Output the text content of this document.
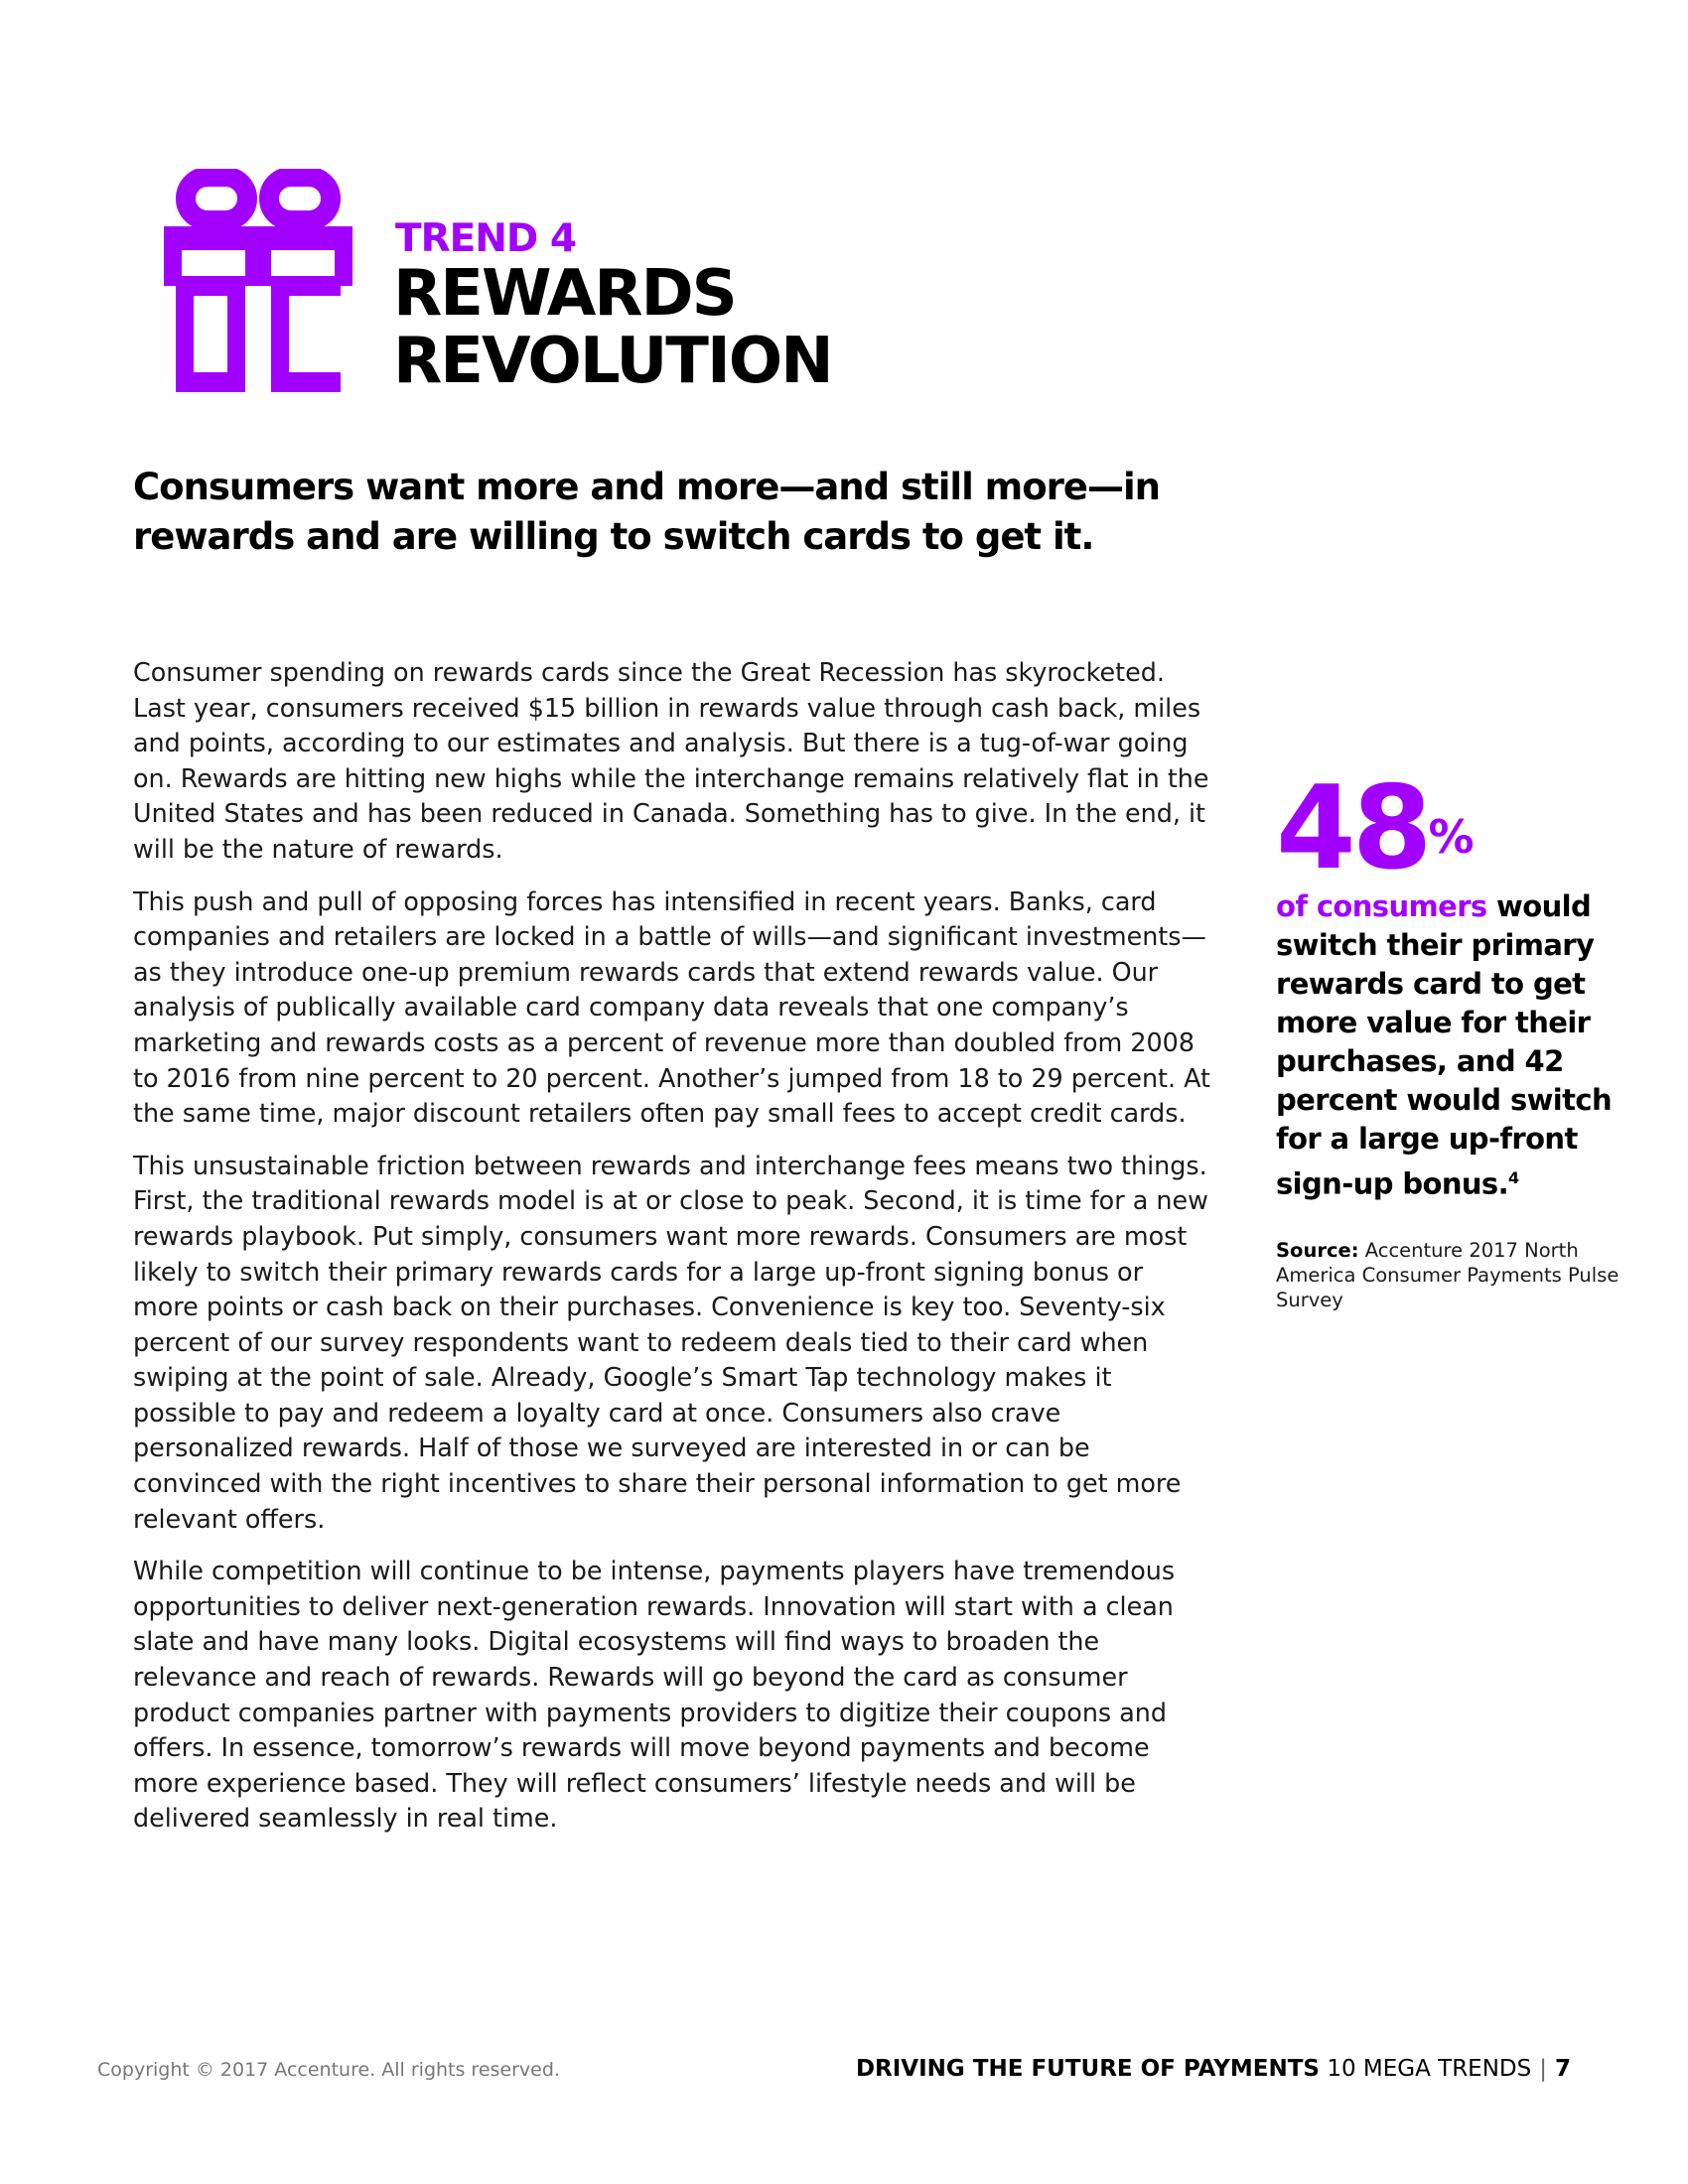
TREND 4
REWARDS
REVOLUTION
Consumers want more and more—and still more—in rewards and are willing to switch cards to get it.

Consumer spending on rewards cards since the Great Recession has skyrocketed. Last year, consumers received $15 billion in rewards value through cash back, miles and points, according to our estimates and analysis. But there is a tug-of-war going on. Rewards are hitting new highs while the interchange remains relatively flat in the United States and has been reduced in Canada. Something has to give. In the end, it will be the nature of rewards.

This push and pull of opposing forces has intensified in recent years. Banks, card companies and retailers are locked in a battle of wills—and significant investments—as they introduce one-up premium rewards cards that extend rewards value. Our analysis of publically available card company data reveals that one company’s marketing and rewards costs as a percent of revenue more than doubled from 2008 to 2016 from nine percent to 20 percent. Another’s jumped from 18 to 29 percent. At the same time, major discount retailers often pay small fees to accept credit cards.

This unsustainable friction between rewards and interchange fees means two things. First, the traditional rewards model is at or close to peak. Second, it is time for a new rewards playbook. Put simply, consumers want more rewards. Consumers are most likely to switch their primary rewards cards for a large up-front signing bonus or more points or cash back on their purchases. Convenience is key too. Seventy-six percent of our survey respondents want to redeem deals tied to their card when swiping at the point of sale. Already, Google’s Smart Tap technology makes it possible to pay and redeem a loyalty card at once. Consumers also crave personalized rewards. Half of those we surveyed are interested in or can be convinced with the right incentives to share their personal information to get more relevant offers.

While competition will continue to be intense, payments players have tremendous opportunities to deliver next-generation rewards. Innovation will start with a clean slate and have many looks. Digital ecosystems will find ways to broaden the relevance and reach of rewards. Rewards will go beyond the card as consumer product companies partner with payments providers to digitize their coupons and offers. In essence, tomorrow’s rewards will move beyond payments and become more experience based. They will reflect consumers’ lifestyle needs and will be delivered seamlessly in real time.

48%
of consumers would switch their primary rewards card to get more value for their purchases, and 42 percent would switch for a large up-front sign-up bonus.$^4$
Source: Accenture 2017 North America Consumer Payments Pulse Survey
Copyright © 2017 Accenture. All rights reserved.	DRIVING THE FUTURE OF PAYMENTS 10 MEGA TRENDS | 7
